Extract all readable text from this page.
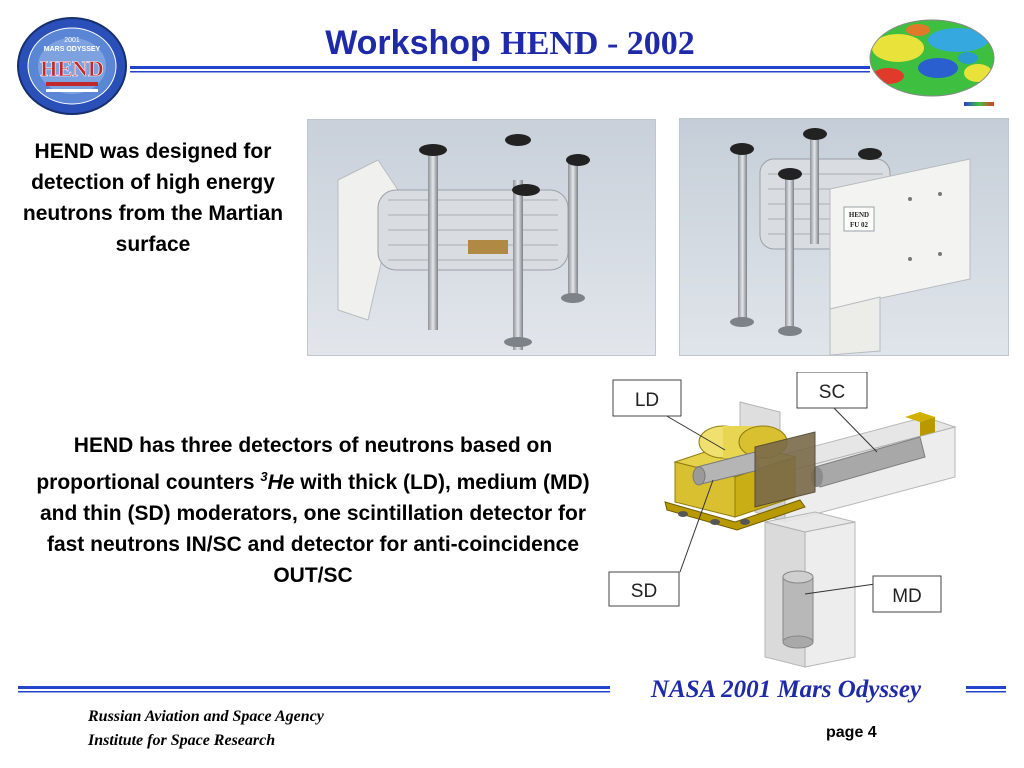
2001
MARS ODYSSEY
HEND
Workshop HEND - 2002
HEND
FU 02
HEND was designed for detection of high energy neutrons from the Martian surface
HEND has three detectors of neutrons based on proportional counters $^3$He with thick (LD), medium (MD) and thin (SD) moderators, one scintillation detector for fast neutrons IN/SC and detector for anti-coincidence OUT/SC
LD	SC
SD	MD
NASA 2001 Mars Odyssey
Russian Aviation and Space Agency
Institute for Space Research	page 4
